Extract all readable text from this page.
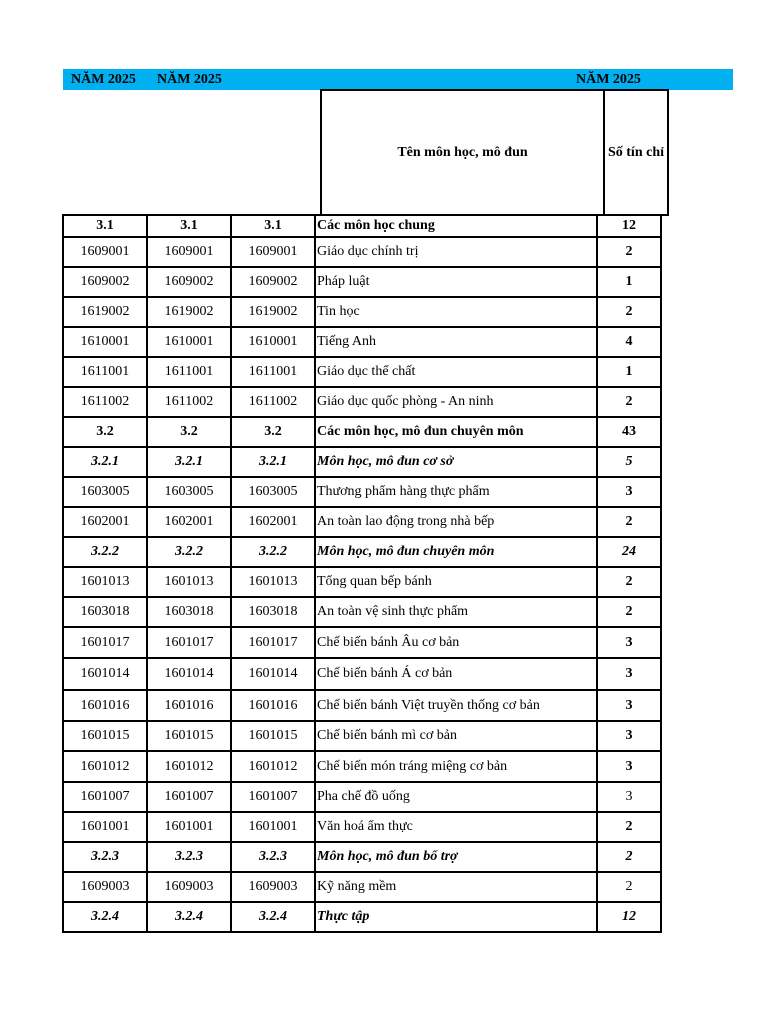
NĂM 2025 NĂM 2025	NĂM 2025
Tên môn học, mô đun	Số tín chỉ
3.1	3.1	3.1	Các môn học chung	12
1609001	1609001	1609001	Giáo dục chính trị	2
1609002	1609002	1609002	Pháp luật	1
1619002	1619002	1619002	Tin học	2
1610001	1610001	1610001	Tiếng Anh	4
1611001	1611001	1611001	Giáo dục thể chất	1
1611002	1611002	1611002	Giáo dục quốc phòng - An ninh	2
3.2	3.2	3.2	Các môn học, mô đun chuyên môn	43
3.2.1	3.2.1	3.2.1	Môn học, mô đun cơ sở	5
1603005	1603005	1603005	Thương phẩm hàng thực phẩm	3
1602001	1602001	1602001	An toàn lao động trong nhà bếp	2
3.2.2	3.2.2	3.2.2	Môn học, mô đun chuyên môn	24
1601013	1601013	1601013	Tổng quan bếp bánh	2
1603018	1603018	1603018	An toàn vệ sinh thực phẩm	2
1601017	1601017	1601017	Chế biến bánh Âu cơ bản	3
1601014	1601014	1601014	Chế biến bánh Á cơ bản	3
1601016	1601016	1601016	Chế biến bánh Việt truyền thống cơ bản	3
1601015	1601015	1601015	Chế biến bánh mì cơ bản	3
1601012	1601012	1601012	Chế biến món tráng miệng cơ bản	3
1601007	1601007	1601007	Pha chế đồ uống	3
1601001	1601001	1601001	Văn hoá ẩm thực	2
3.2.3	3.2.3	3.2.3	Môn học, mô đun bổ trợ	2
1609003	1609003	1609003	Kỹ năng mềm	2
3.2.4	3.2.4	3.2.4	Thực tập	12
